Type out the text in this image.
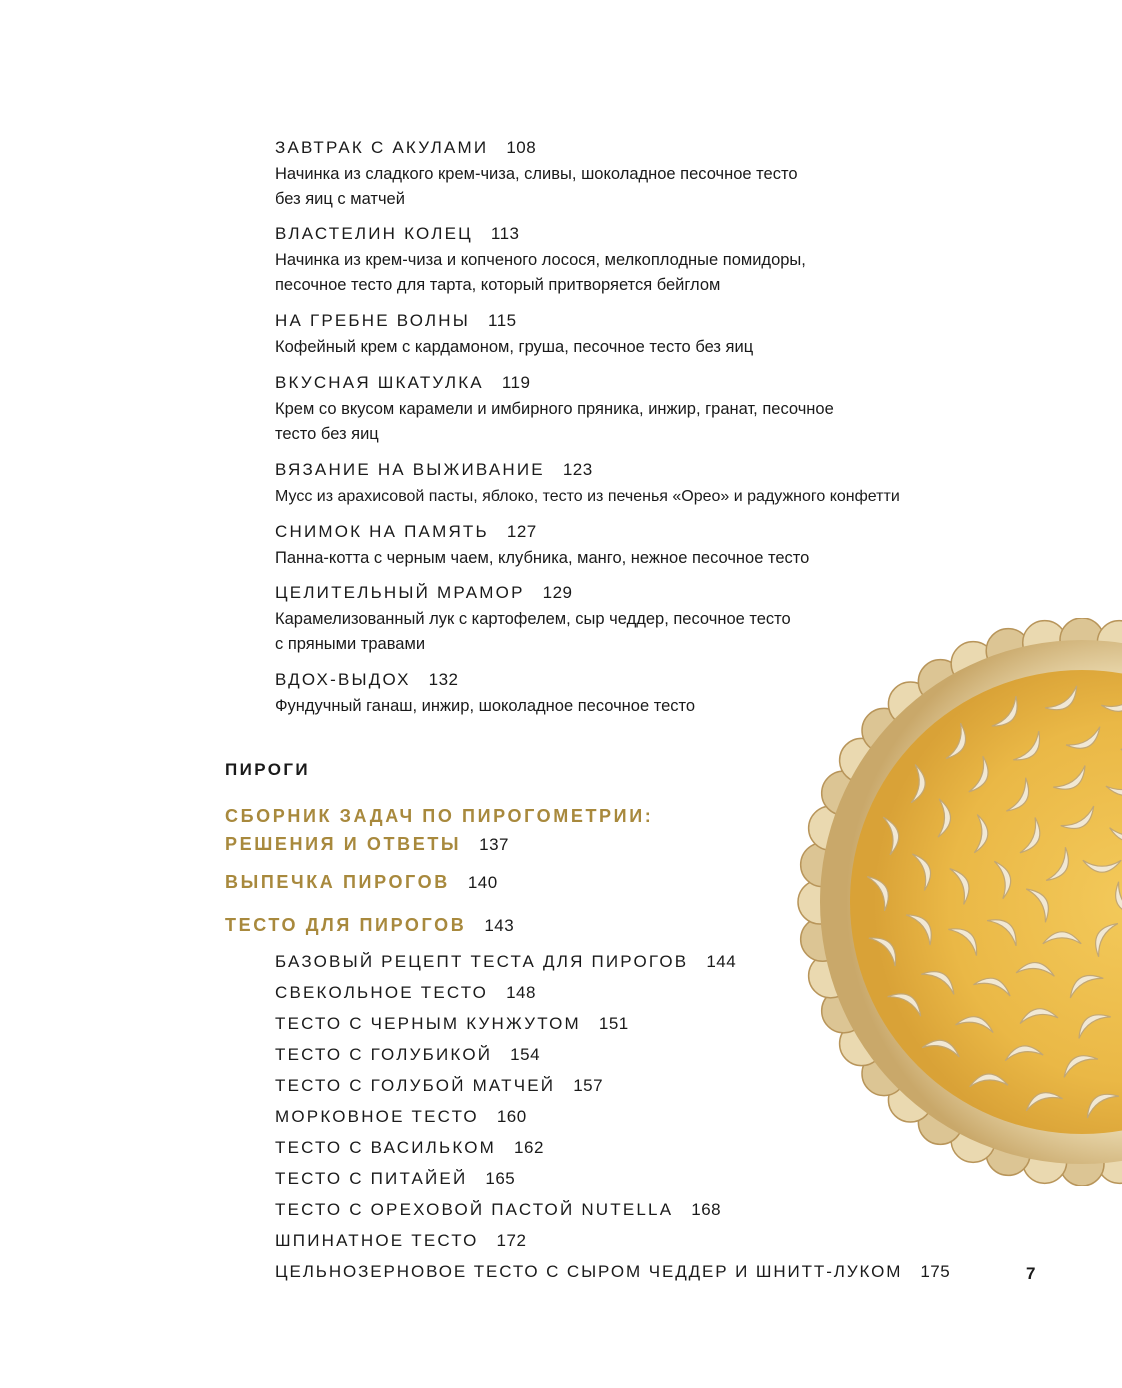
ЗАВТРАК С АКУЛАМИ 108
Начинка из сладкого крем-чиза, сливы, шоколадное песочное тесто
без яиц с матчей
ВЛАСТЕЛИН КОЛЕЦ 113
Начинка из крем-чиза и копченого лосося, мелкоплодные помидоры,
песочное тесто для тарта, который притворяется бейглом
НА ГРЕБНЕ ВОЛНЫ 115
Кофейный крем с кардамоном, груша, песочное тесто без яиц
ВКУСНАЯ ШКАТУЛКА 119
Крем со вкусом карамели и имбирного пряника, инжир, гранат, песочное
тесто без яиц
ВЯЗАНИЕ НА ВЫЖИВАНИЕ 123
Мусс из арахисовой пасты, яблоко, тесто из печенья «Орео» и радужного конфетти
СНИМОК НА ПАМЯТЬ 127
Панна-котта с черным чаем, клубника, манго, нежное песочное тесто
ЦЕЛИТЕЛЬНЫЙ МРАМОР 129
Карамелизованный лук с картофелем, сыр чеддер, песочное тесто
с пряными травами
ВДОХ-ВЫДОХ 132
Фундучный ганаш, инжир, шоколадное песочное тесто
ПИРОГИ
СБОРНИК ЗАДАЧ ПО ПИРОГОМЕТРИИ:
РЕШЕНИЯ И ОТВЕТЫ 137
ВЫПЕЧКА ПИРОГОВ 140
ТЕСТО ДЛЯ ПИРОГОВ 143
БАЗОВЫЙ РЕЦЕПТ ТЕСТА ДЛЯ ПИРОГОВ 144
СВЕКОЛЬНОЕ ТЕСТО 148
ТЕСТО С ЧЕРНЫМ КУНЖУТОМ 151
ТЕСТО С ГОЛУБИКОЙ 154
ТЕСТО С ГОЛУБОЙ МАТЧЕЙ 157
МОРКОВНОЕ ТЕСТО 160
ТЕСТО С ВАСИЛЬКОМ 162
ТЕСТО С ПИТАЙЕЙ 165
ТЕСТО С ОРЕХОВОЙ ПАСТОЙ NUTELLA 168
ШПИНАТНОЕ ТЕСТО 172
ЦЕЛЬНОЗЕРНОВОЕ ТЕСТО С СЫРОМ ЧЕДДЕР И ШНИТТ-ЛУКОМ 175	7
